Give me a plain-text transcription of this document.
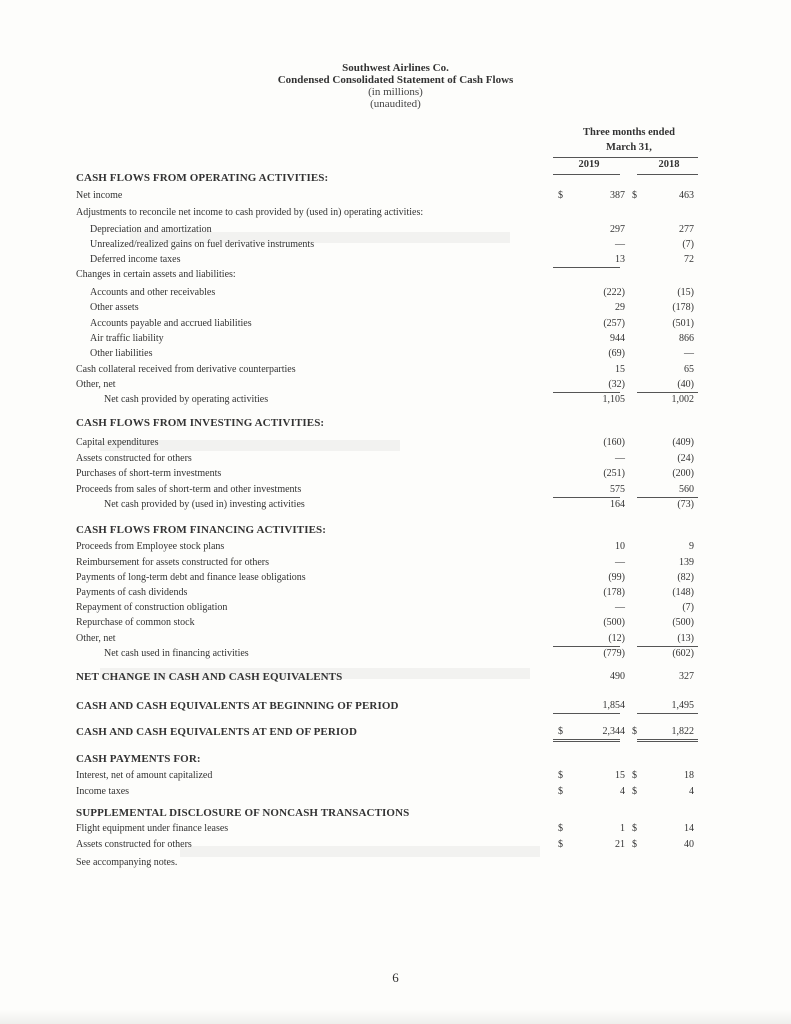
Southwest Airlines Co.
Condensed Consolidated Statement of Cash Flows
(in millions)
(unaudited)
Three months ended
March 31,
2019	2018
CASH FLOWS FROM OPERATING ACTIVITIES:
Net income	$	387 $	463
Adjustments to reconcile net income to cash provided by (used in) operating activities:
Depreciation and amortization	297	277
Unrealized/realized gains on fuel derivative instruments	—	(7)
Deferred income taxes	13	72
Changes in certain assets and liabilities:
Accounts and other receivables	(222)	(15)
Other assets	29	(178)
Accounts payable and accrued liabilities	(257)	(501)
Air traffic liability	944	866
Other liabilities	(69)	—
Cash collateral received from derivative counterparties	15	65
Other, net	(32)	(40)
Net cash provided by operating activities	1,105	1,002
CASH FLOWS FROM INVESTING ACTIVITIES:
Capital expenditures	(160)	(409)
Assets constructed for others	—	(24)
Purchases of short-term investments	(251)	(200)
Proceeds from sales of short-term and other investments	575	560
Net cash provided by (used in) investing activities	164	(73)
CASH FLOWS FROM FINANCING ACTIVITIES:
Proceeds from Employee stock plans	10	9
Reimbursement for assets constructed for others	—	139
Payments of long-term debt and finance lease obligations	(99)	(82)
Payments of cash dividends	(178)	(148)
Repayment of construction obligation	—	(7)
Repurchase of common stock	(500)	(500)
Other, net	(12)	(13)
Net cash used in financing activities	(779)	(602)
NET CHANGE IN CASH AND CASH EQUIVALENTS	490	327
CASH AND CASH EQUIVALENTS AT BEGINNING OF PERIOD	1,854	1,495
CASH AND CASH EQUIVALENTS AT END OF PERIOD	$	2,344 $	1,822
CASH PAYMENTS FOR:
Interest, net of amount capitalized	$	15 $	18
Income taxes	$	4 $	4
SUPPLEMENTAL DISCLOSURE OF NONCASH TRANSACTIONS
Flight equipment under finance leases	$	1 $	14
Assets constructed for others	$	21 $	40
See accompanying notes.
6
